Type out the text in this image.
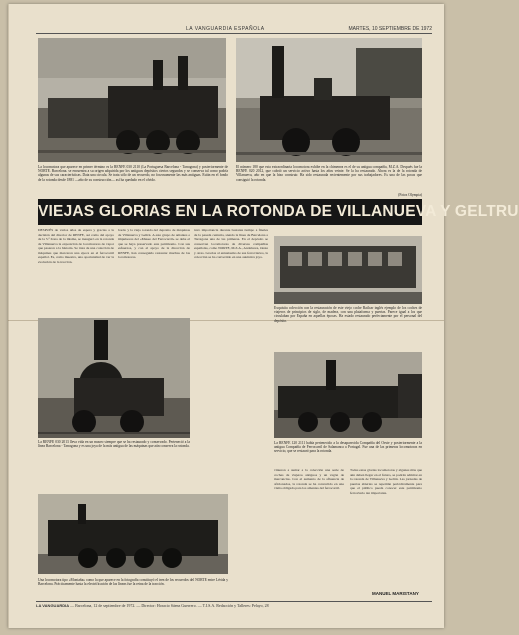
LA VANGUARDIA ESPAÑOLA	MARTES, 10 SEPTIEMBRE DE 1972
La locomotora que aparece en primer término es la RENFE 030 2110 (La Portuguesa Barcelona - Tarragona) y posteriormente de NORTE. Barcelona. se encuentra a su origen adquirida por los antiguos depósitos ciertos segundos y se conserva tal como podría algunas de sus características. Data una circula. Se trata sólo de un recuerdo, no forzosamente las más antiguas. Están en el fondo de la rotonda desde 1881 —año de su construcción— así ha quedado en el olvido.
El número 180 que esta extraordinaria locomotora exhibe en la chimenea es el de su antigua compañía, M.Z.A. Después fue la RENFE 020 2012, que cubrió un servicio activo hasta los años veinte. Se la ha restaurado. Ahora es la de la rotonda de Villanueva, año en que la hizo construir. Ha sido restaurada recientemente por sus trabajadores. Es una de las pocas que consiguió la rotonda.
(Fotos Olympia)
VIEJAS GLORIAS EN LA ROTONDA DE VILLANUEVA Y GELTRU
DESPUÉS de varios años de espera y gracias a la decisión del director de RENFE, así como del apoyo de la 5.ª Zona de la misma, se inauguró en la rotonda de Villanueva la exposición de locomotoras de vapor que pasaron a la historia. Se trata de una colección de máquinas que marcaron una época en el ferrocarril español. Es, como muestra, una oportunidad de ver la evolución de la tracción.
bordo y la vieja rotonda del depósito de máquinas de Villanueva y Geltrú. A este grupo de amantes e impulsores del «Museo del Ferrocarril» se debe el que se haya preservado este patrimonio. Con sus esfuerzos, y con el apoyo de la dirección de RENFE, han conseguido restaurar muchas de las locomotoras.
tuvo importancia durante bastante tiempo a finales de la pasada centuria, siendo la línea de Barcelona a Tarragona una de las primeras. En el depósito se conservan locomotoras de diversas compañías españolas, como NORTE, M.Z.A., Andaluces, Oeste y otras. Gracias al entusiasmo de sus ferroviarios, la colección se ha convertido en una auténtica joya.
Exquisita colección con la restauración de este viejo coche Railcar inglés ejemplo de los coches de viajeros de principios de siglo, de madera, con una plataforma y puertas. Parece igual a los que circulaban por España en aquellas épocas. Ha estado restaurado perfectamente por el personal del depósito.
La RENFE 030 2013 lleva vida en un museo siempre que se ha restaurado y conservado. Perteneció a la línea Barcelona - Tarragona y es una joya de la más antigua de las máquinas que aún conserva la rotonda.
La RENFE 120 2111 había pertenecido a la desaparecida Compañía del Oeste y posteriormente a la antigua Compañía de Ferrocarril de Salamanca a Portugal. Fue una de las primeras locomotoras en servicio, que se restauró para la rotonda.
Una locomotora tipo «Montaña» como la que aparece en la fotografía constituyó el tren de los recuerdos del NORTE entre Lérida y Barcelona. Prácticamente hasta la electrificación de las líneas fue la reina de la tracción.
vinieron a sumar a la colección una serie de coches de viajeros antiguos y un vagón de mercancías. Con el aumento de la afluencia de aficionados, la rotonda se ha convertido en una visita obligada para los amantes del ferrocarril.
Todas estas glorias locomotoras y algunas más que aún deben llegar en el futuro, se podrán admirar en la rotonda de Villanueva y Geltrú. Las jornadas de puertas abiertas se repetirán periódicamente para que el público pueda conocer este patrimonio ferroviario tan importante.
MANUEL MARISTANY
LA VANGUARDIA — Barcelona, 12 de septiembre de 1972. — Director: Horacio Sáenz Guerrero. — T.I.S.A. Redacción y Talleres: Pelayo, 28
